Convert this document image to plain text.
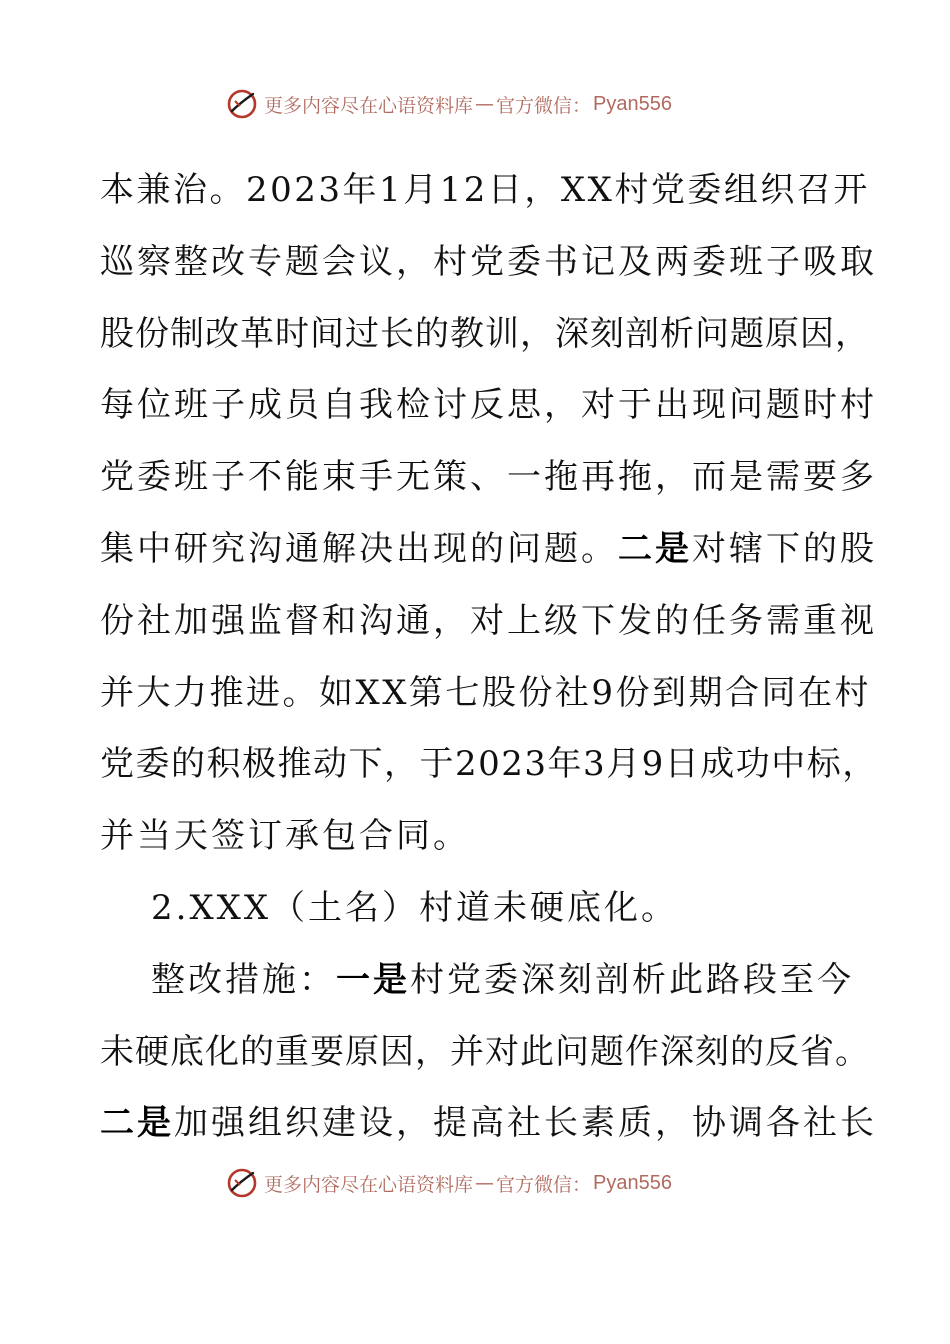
更多内容尽在心语资料库 — 官方微信： Pyan556
本兼治。2023年1月12日，XX村党委组织召开
巡察整改专题会议，村党委书记及两委班子吸取
股份制改革时间过长的教训，深刻剖析问题原因，
每位班子成员自我检讨反思，对于出现问题时村
党委班子不能束手无策、一拖再拖，而是需要多
集中研究沟通解决出现的问题。二是对辖下的股
份社加强监督和沟通，对上级下发的任务需重视
并大力推进。如XX第七股份社9份到期合同在村
党委的积极推动下，于2023年3月9日成功中标，
并当天签订承包合同。
2.XXX（土名）村道未硬底化。
整改措施：一是村党委深刻剖析此路段至今
未硬底化的重要原因，并对此问题作深刻的反省。
二是加强组织建设，提高社长素质，协调各社长
更多内容尽在心语资料库 — 官方微信： Pyan556
